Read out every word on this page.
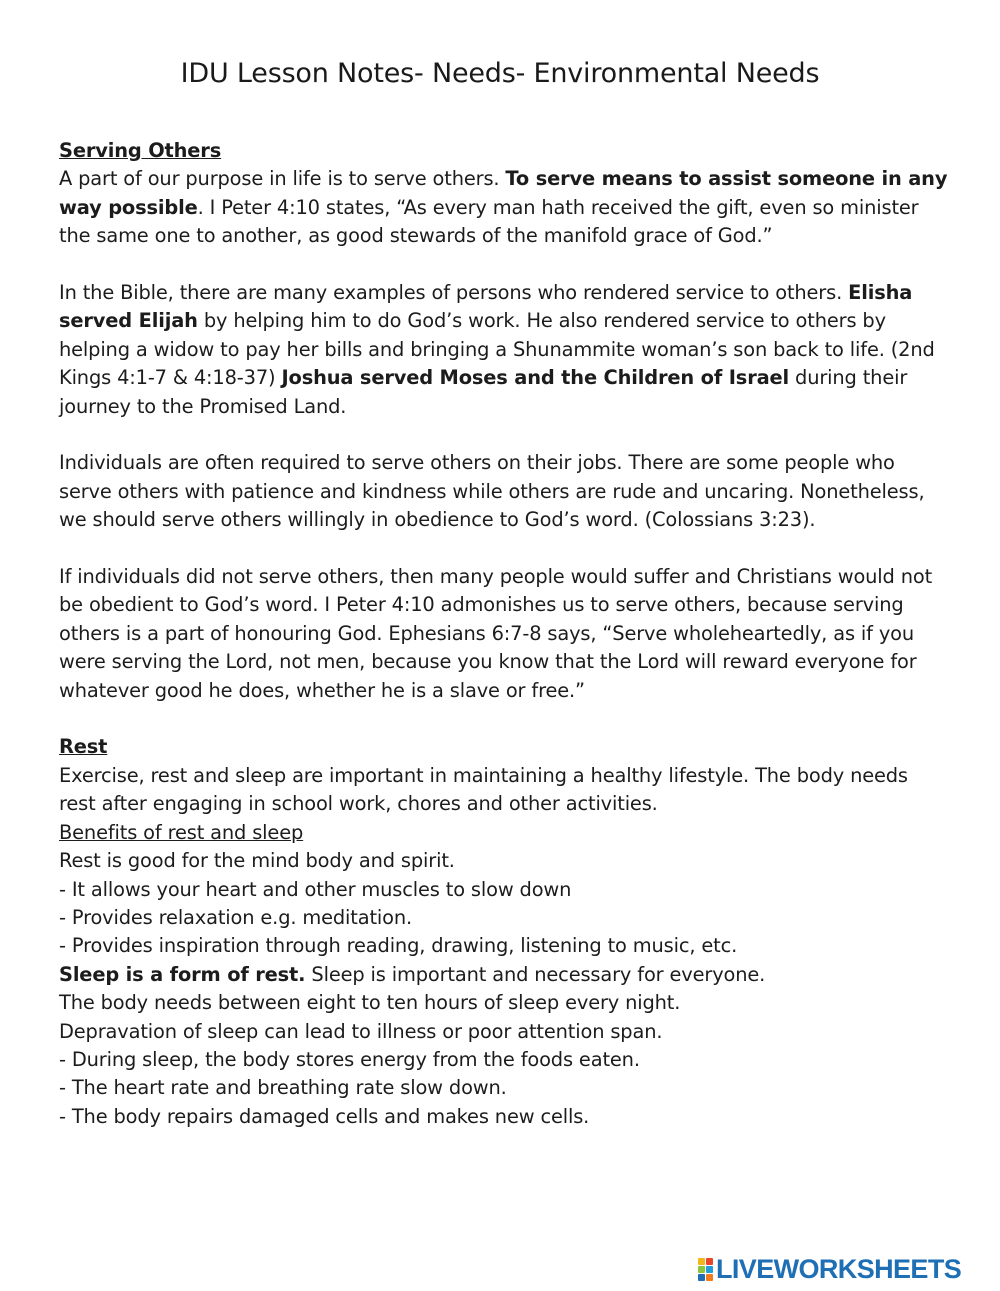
IDU Lesson Notes- Needs- Environmental Needs

Serving Others

A part of our purpose in life is to serve others. To serve means to assist someone in any way possible. I Peter 4:10 states, “As every man hath received the gift, even so minister the same one to another, as good stewards of the manifold grace of God.”

In the Bible, there are many examples of persons who rendered service to others. Elisha served Elijah by helping him to do God’s work. He also rendered service to others by helping a widow to pay her bills and bringing a Shunammite woman’s son back to life. (2nd Kings 4:1-7 & 4:18-37) Joshua served Moses and the Children of Israel during their journey to the Promised Land.

Individuals are often required to serve others on their jobs. There are some people who serve others with patience and kindness while others are rude and uncaring. Nonetheless, we should serve others willingly in obedience to God’s word. (Colossians 3:23).

If individuals did not serve others, then many people would suffer and Christians would not be obedient to God’s word. I Peter 4:10 admonishes us to serve others, because serving others is a part of honouring God. Ephesians 6:7-8 says, “Serve wholeheartedly, as if you were serving the Lord, not men, because you know that the Lord will reward everyone for whatever good he does, whether he is a slave or free.”

Rest

Exercise, rest and sleep are important in maintaining a healthy lifestyle. The body needs rest after engaging in school work, chores and other activities.

Benefits of rest and sleep

Rest is good for the mind body and spirit.

- It allows your heart and other muscles to slow down

- Provides relaxation e.g. meditation.

- Provides inspiration through reading, drawing, listening to music, etc.

Sleep is a form of rest. Sleep is important and necessary for everyone.

The body needs between eight to ten hours of sleep every night.

Depravation of sleep can lead to illness or poor attention span.

- During sleep, the body stores energy from the foods eaten.

- The heart rate and breathing rate slow down.

- The body repairs damaged cells and makes new cells.

LIVEWORKSHEETS
